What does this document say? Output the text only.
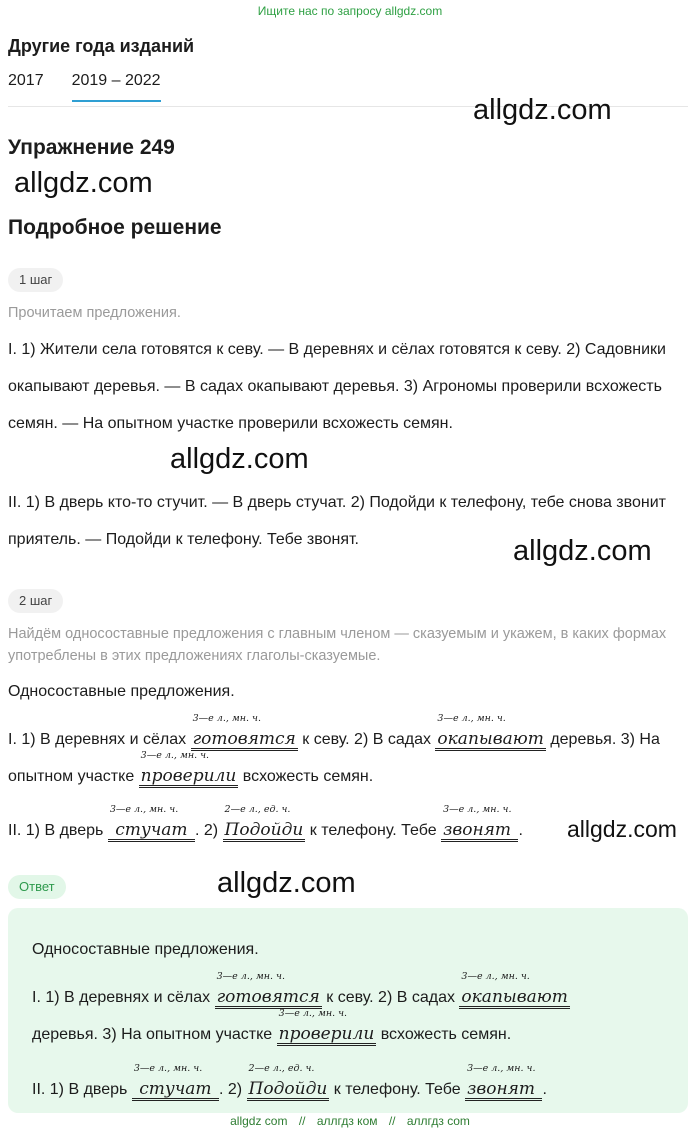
Ищите нас по запросу allgdz.com
Другие года изданий
2017 2019 – 2022
allgdz.com
Упражнение 249
allgdz.com
Подробное решение
1 шаг
Прочитаем предложения.
I. 1) Жители села готовятся к севу. — В деревнях и сёлах готовятся к севу. 2) Садовники окапывают деревья. — В садах окапывают деревья. 3) Агрономы проверили всхожесть семян. — На опытном участке проверили всхожесть семян.
allgdz.com
II. 1) В дверь кто-то стучит. — В дверь стучат. 2) Подойди к телефону, тебе снова звонит приятель. — Подойди к телефону. Тебе звонят.	allgdz.com
2 шаг
Найдём односоставные предложения с главным членом — сказуемым и укажем, в каких формах употреблены в этих предложениях глаголы-сказуемые.
Односоставные предложения.
I. 1) В деревнях и сёлах
3—е л., мн. ч.
готовятся к севу. 2) В садах
3—е л., мн. ч.
окапывают деревья. 3) На
опытном участке
3—е л., мн. ч.
проверили всхожесть семян.
II. 1) В дверь
3—е л., мн. ч.
стучат . 2)
2—е л., ед. ч.
Подойди к телефону. Тебе
3—е л., мн. ч.
звонят . allgdz.com
Ответ	allgdz.com
Односоставные предложения.
I. 1) В деревнях и сёлах
3—е л., мн. ч.
готовятся к севу. 2) В садах
3—е л., мн. ч.
окапывают
деревья. 3) На опытном участке
3—е л., мн. ч.
проверили всхожесть семян.
II. 1) В дверь
3—е л., мн. ч.
стучат . 2)
2—е л., ед. ч.
Подойди к телефону. Тебе
3—е л., мн. ч.
звонят .
allgdz com // аллгдз ком // аллгдз com
